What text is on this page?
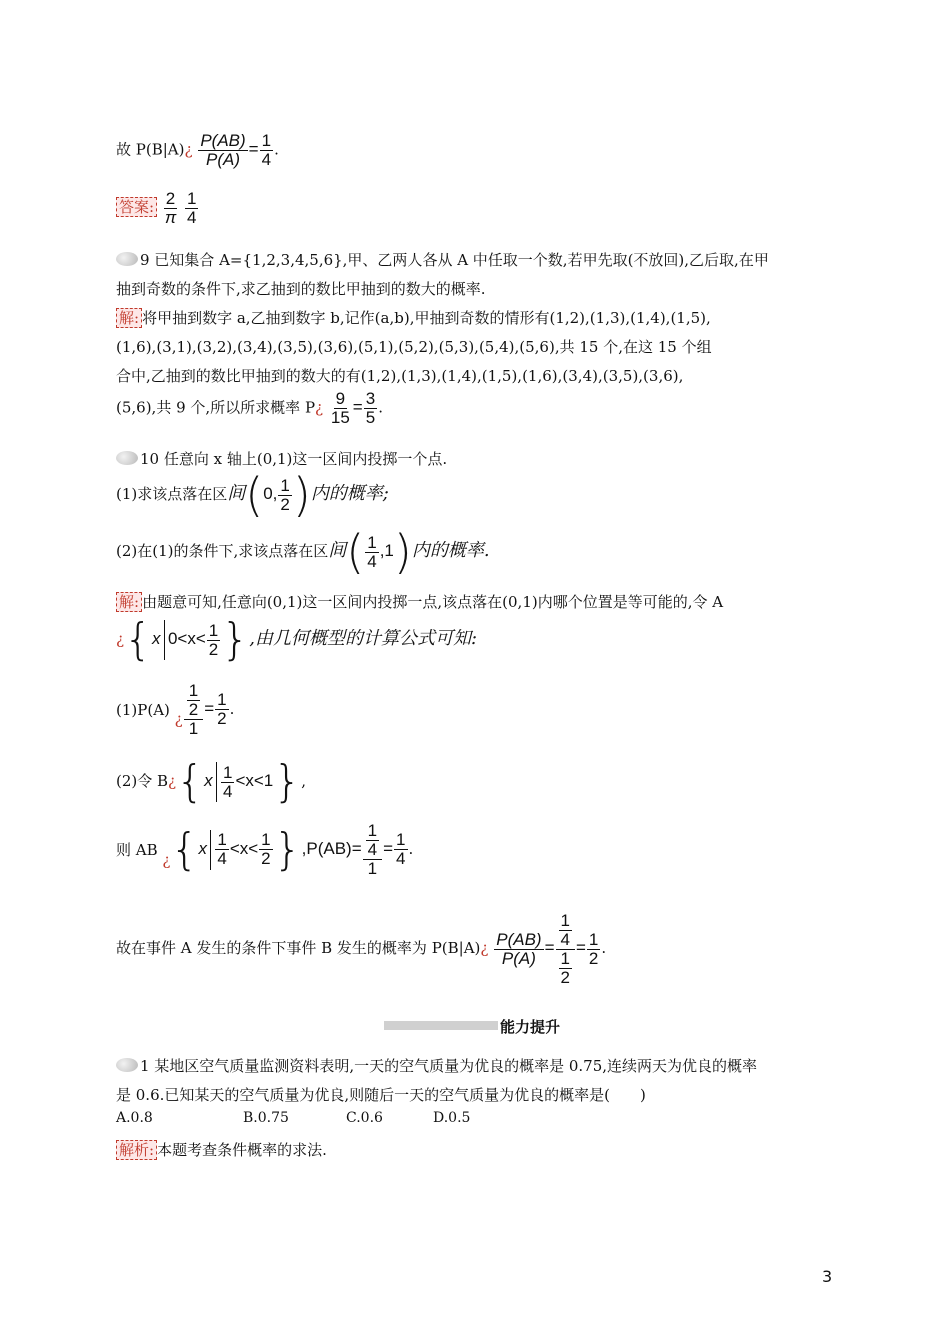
故 P(B|A)¿ $\frac{P(AB)}{P(A)} = \frac{1}{4}$ .
答案: $\frac{2}{\pi}$
$\frac{1}{4}$
9 已知集合 A={1,2,3,4,5,6},甲、乙两人各从 A 中任取一个数,若甲先取(不放回),乙后取,在甲
抽到奇数的条件下,求乙抽到的数比甲抽到的数大的概率.
解: 将甲抽到数字 a,乙抽到数字 b,记作(a,b),甲抽到奇数的情形有(1,2),(1,3),(1,4),(1,5),
(1,6),(3,1),(3,2),(3,4),(3,5),(3,6),(5,1),(5,2),(5,3),(5,4),(5,6),共 15 个,在这 15 个组
合中,乙抽到的数比甲抽到的数大的有(1,2),(1,3),(1,4),(1,5),(1,6),(3,4),(3,5),(3,6),
(5,6),共 9 个,所以所求概率 P¿ $\frac{9}{15} = \frac{3}{5}$ .
10 任意向 x 轴上(0,1)这一区间内投掷一个点.
(1)求该点落在区间(0, $\frac{1}{2}$ )内的概率;
(2)在(1)的条件下,求该点落在区间( $\frac{1}{4} ,1$)内的概率.
解: 由题意可知,任意向(0,1)这一区间内投掷一点,该点落在(0,1)内哪个位置是等可能的,令 A
¿{x $0<x< \frac{1}{2}$ },由几何概型的计算公式可知:
(1)P(A) ¿ $\frac{\frac{1}{2}}{1} = \frac{1}{2}$ .
(2)令 B¿{x $\frac{1}{4} <x<1$},
则 AB ¿$\{x \frac{1}{4} <x< \frac{1}{2} \},P(AB)= \frac{\frac{1}{4}}{1} = \frac{1}{4}$ .
故在事件 A 发生的条件下事件 B 发生的概率为 P(B|A)¿ $\frac{P(AB)}{P(A)} = \frac{\frac{1}{4}}{\frac{1}{2}} = \frac{1}{2}$ .
能力提升
1 某地区空气质量监测资料表明,一天的空气质量为优良的概率是 0.75,连续两天为优良的概率
是 0.6.已知某天的空气质量为优良,则随后一天的空气质量为优良的概率是(　　)
A.0.8	B.0.75	C.0.6	D.0.5
解析: 本题考查条件概率的求法.
3
